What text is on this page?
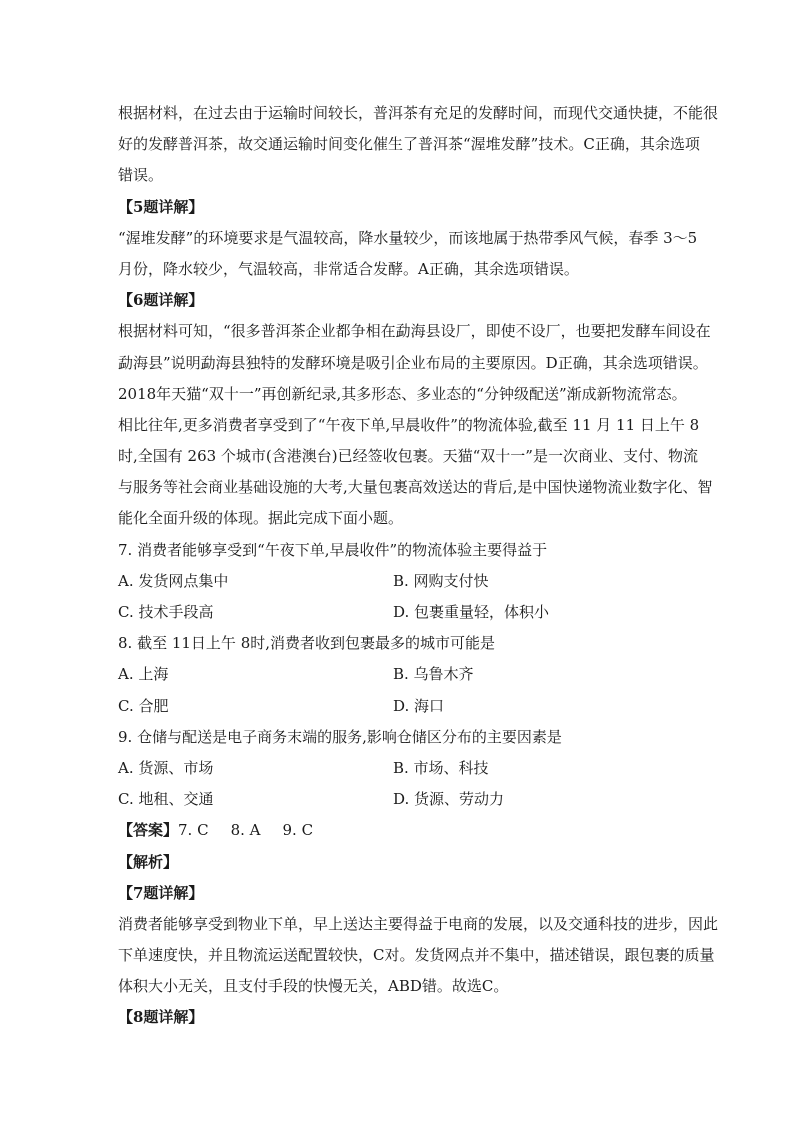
根据材料，在过去由于运输时间较长，普洱茶有充足的发酵时间，而现代交通快捷，不能很
好的发酵普洱茶，故交通运输时间变化催生了普洱茶“渥堆发酵”技术。C正确，其余选项
错误。
【5题详解】
“渥堆发酵”的环境要求是气温较高，降水量较少，而该地属于热带季风气候，春季 3～5
月份，降水较少，气温较高，非常适合发酵。A正确，其余选项错误。
【6题详解】
根据材料可知，“很多普洱茶企业都争相在勐海县设厂，即使不设厂，也要把发酵车间设在
勐海县”说明勐海县独特的发酵环境是吸引企业布局的主要原因。D正确，其余选项错误。
2018年天猫“双十一”再创新纪录,其多形态、多业态的“分钟级配送”渐成新物流常态。
相比往年,更多消费者享受到了“午夜下单,早晨收件”的物流体验,截至 11 月 11 日上午 8
时,全国有 263 个城市(含港澳台)已经签收包裹。天猫“双十一”是一次商业、支付、物流
与服务等社会商业基础设施的大考,大量包裹高效送达的背后,是中国快递物流业数字化、智
能化全面升级的体现。据此完成下面小题。
7. 消费者能够享受到“午夜下单,早晨收件”的物流体验主要得益于
A. 发货网点集中	B. 网购支付快
C. 技术手段高	D. 包裹重量轻，体积小
8. 截至 11日上午 8时,消费者收到包裹最多的城市可能是
A. 上海	B. 乌鲁木齐
C. 合肥	D. 海口
9. 仓储与配送是电子商务末端的服务,影响仓储区分布的主要因素是
A. 货源、市场	B. 市场、科技
C. 地租、交通	D. 货源、劳动力
【答案】7. C 8. A 9. C
【解析】
【7题详解】
消费者能够享受到物业下单，早上送达主要得益于电商的发展，以及交通科技的进步，因此
下单速度快，并且物流运送配置较快，C对。发货网点并不集中，描述错误，跟包裹的质量
体积大小无关，且支付手段的快慢无关，ABD错。故选C。
【8题详解】
